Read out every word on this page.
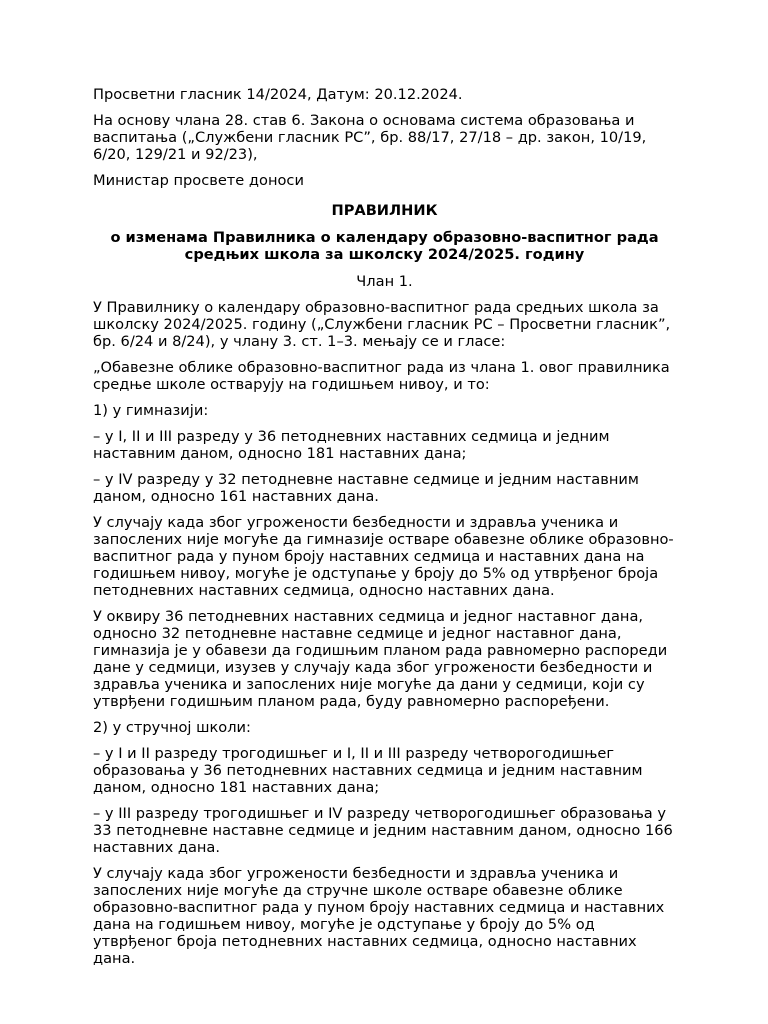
Просветни гласник 14/2024, Датум: 20.12.2024.

На основу члана 28. став 6. Закона о основама система образовања и васпитања („Службени гласник РС”, бр. 88/17, 27/18 – др. закон, 10/19, 6/20, 129/21 и 92/23),

Министар просвете доноси

ПРАВИЛНИК

о изменама Правилника о календару образовно-васпитног рада средњих школа за школску 2024/2025. годину

Члан 1.

У Правилнику о календару образовно-васпитног рада средњих школа за школску 2024/2025. годину („Службени гласник РС – Просветни гласник”, бр. 6/24 и 8/24), у члану 3. ст. 1–3. мењају се и гласе:

„Обавезне облике образовно-васпитног рада из члана 1. овог правилника средње школе остварују на годишњем нивоу, и то:

1) у гимназији:

– у I, II и III разреду у 36 петодневних наставних седмица и једним наставним даном, односно 181 наставних дана;

– у IV разреду у 32 петодневне наставне седмице и једним наставним даном, односно 161 наставних дана.

У случају када због угрожености безбедности и здравља ученика и запослених није могуће да гимназије остваре обавезне облике образовно-васпитног рада у пуном броју наставних седмица и наставних дана на годишњем нивоу, могуће је одступање у броју до 5% од утврђеног броја петодневних наставних седмица, односно наставних дана.

У оквиру 36 петодневних наставних седмица и једног наставног дана, односно 32 петодневне наставне седмице и једног наставног дана, гимназија је у обавези да годишњим планом рада равномерно распореди дане у седмици, изузев у случају када због угрожености безбедности и здравља ученика и запослених није могуће да дани у седмици, који су утврђени годишњим планом рада, буду равномерно распоређени.

2) у стручној школи:

– у I и II разреду трогодишњег и I, II и III разреду четворогодишњег образовања у 36 петодневних наставних седмица и једним наставним даном, односно 181 наставних дана;

– у III разреду трогодишњег и IV разреду четворогодишњег образовања у 33 петодневне наставне седмице и једним наставним даном, односно 166 наставних дана.

У случају када због угрожености безбедности и здравља ученика и запослених није могуће да стручне школе остваре обавезне облике образовно-васпитног рада у пуном броју наставних седмица и наставних дана на годишњем нивоу, могуће је одступање у броју до 5% од утврђеног броја петодневних наставних седмица, односно наставних дана.
